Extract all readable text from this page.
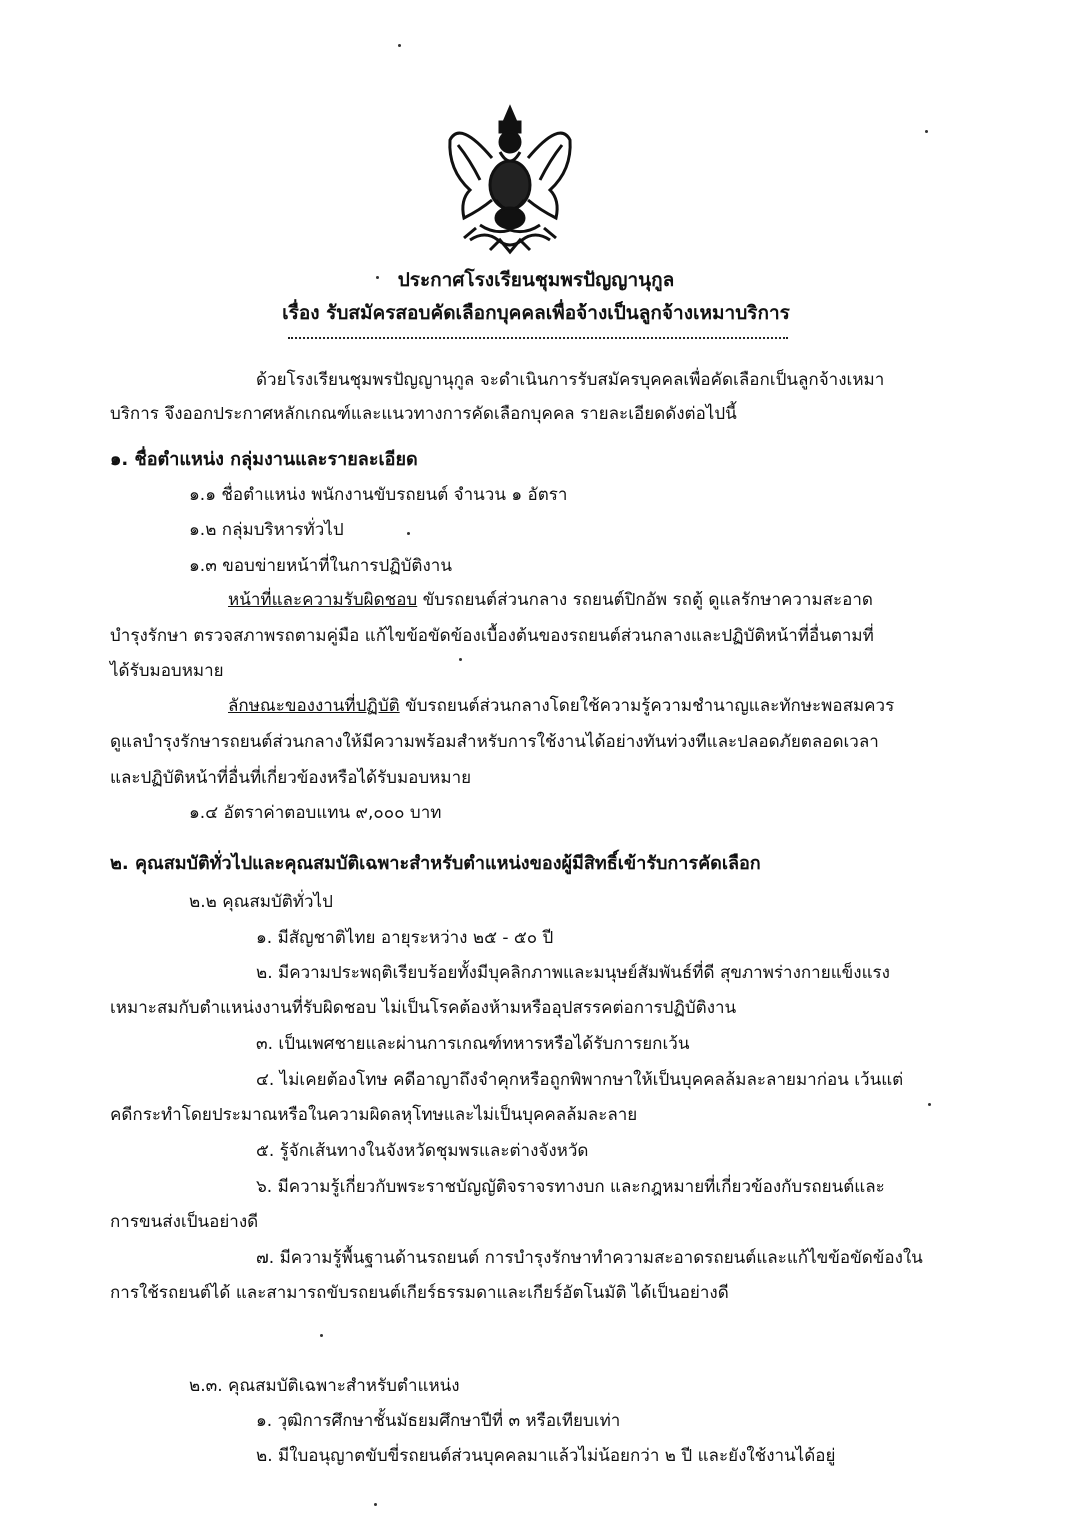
ประกาศโรงเรียนชุมพรปัญญานุกูล
เรื่อง รับสมัครสอบคัดเลือกบุคคลเพื่อจ้างเป็นลูกจ้างเหมาบริการ
ด้วยโรงเรียนชุมพรปัญญานุกูล จะดำเนินการรับสมัครบุคคลเพื่อคัดเลือกเป็นลูกจ้างเหมา
บริการ จึงออกประกาศหลักเกณฑ์และแนวทางการคัดเลือกบุคคล รายละเอียดดังต่อไปนี้
๑. ชื่อตำแหน่ง กลุ่มงานและรายละเอียด
๑.๑ ชื่อตำแหน่ง พนักงานขับรถยนต์ จำนวน ๑ อัตรา
๑.๒ กลุ่มบริหารทั่วไป
๑.๓ ขอบข่ายหน้าที่ในการปฏิบัติงาน
หน้าที่และความรับผิดชอบ ขับรถยนต์ส่วนกลาง รถยนต์ปิกอัพ รถตู้ ดูแลรักษาความสะอาด
บำรุงรักษา ตรวจสภาพรถตามคู่มือ แก้ไขข้อขัดข้องเบื้องต้นของรถยนต์ส่วนกลางและปฏิบัติหน้าที่อื่นตามที่
ได้รับมอบหมาย
ลักษณะของงานที่ปฏิบัติ ขับรถยนต์ส่วนกลางโดยใช้ความรู้ความชำนาญและทักษะพอสมควร
ดูแลบำรุงรักษารถยนต์ส่วนกลางให้มีความพร้อมสำหรับการใช้งานได้อย่างทันท่วงทีและปลอดภัยตลอดเวลา
และปฏิบัติหน้าที่อื่นที่เกี่ยวข้องหรือได้รับมอบหมาย
๑.๔ อัตราค่าตอบแทน ๙,๐๐๐ บาท
๒. คุณสมบัติทั่วไปและคุณสมบัติเฉพาะสำหรับตำแหน่งของผู้มีสิทธิ์เข้ารับการคัดเลือก
๒.๒ คุณสมบัติทั่วไป
๑. มีสัญชาติไทย อายุระหว่าง ๒๕ - ๕๐ ปี
๒. มีความประพฤติเรียบร้อยทั้งมีบุคลิกภาพและมนุษย์สัมพันธ์ที่ดี สุขภาพร่างกายแข็งแรง
เหมาะสมกับตำแหน่งงานที่รับผิดชอบ ไม่เป็นโรคต้องห้ามหรืออุปสรรคต่อการปฏิบัติงาน
๓. เป็นเพศชายและผ่านการเกณฑ์ทหารหรือได้รับการยกเว้น
๔. ไม่เคยต้องโทษ คดีอาญาถึงจำคุกหรือถูกพิพากษาให้เป็นบุคคลล้มละลายมาก่อน เว้นแต่
คดีกระทำโดยประมาณหรือในความผิดลหุโทษและไม่เป็นบุคคลล้มละลาย
๕. รู้จักเส้นทางในจังหวัดชุมพรและต่างจังหวัด
๖. มีความรู้เกี่ยวกับพระราชบัญญัติจราจรทางบก และกฎหมายที่เกี่ยวข้องกับรถยนต์และ
การขนส่งเป็นอย่างดี
๗. มีความรู้พื้นฐานด้านรถยนต์ การบำรุงรักษาทำความสะอาดรถยนต์และแก้ไขข้อขัดข้องใน
การใช้รถยนต์ได้ และสามารถขับรถยนต์เกียร์ธรรมดาและเกียร์อัตโนมัติ ได้เป็นอย่างดี
๒.๓. คุณสมบัติเฉพาะสำหรับตำแหน่ง
๑. วุฒิการศึกษาชั้นมัธยมศึกษาปีที่ ๓ หรือเทียบเท่า
๒. มีใบอนุญาตขับขี่รถยนต์ส่วนบุคคลมาแล้วไม่น้อยกว่า ๒ ปี และยังใช้งานได้อยู่
